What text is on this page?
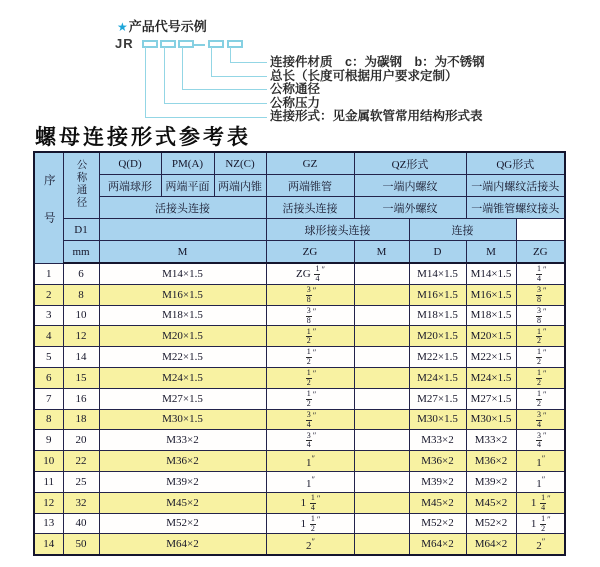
★产品代号示例
JR
连接件材质　c：为碳钢　b：为不锈钢
总长（长度可根据用户要求定制）
公称通径
公称压力
连接形式：见金属软管常用结构形式表
螺母连接形式参考表
序号	公称通径	Q(D)	PM(A)	NZ(C)	GZ	QZ形式		QG形式	
		两端球形	两端平面	两端内锥	两端锥管	一端内螺纹		一端内螺纹活接头	
		活接头连接			活接头连接	一端外螺纹		一端锥管螺纹接头	
	D1				球形接头连接		连接		
	mm	M			ZG	M	D	M	ZG
1	6	M14×1.5			ZG $\frac{1}{4} ''$		M14×1.5	M14×1.5	$\frac{1}{4} ''$
2	8	M16×1.5			$\frac{3}{8} ''$		M16×1.5	M16×1.5	$\frac{3}{8} ''$
3	10	M18×1.5			$\frac{3}{8} ''$		M18×1.5	M18×1.5	$\frac{3}{8} ''$
4	12	M20×1.5			$\frac{1}{2} ''$		M20×1.5	M20×1.5	$\frac{1}{2} ''$
5	14	M22×1.5			$\frac{1}{2} ''$		M22×1.5	M22×1.5	$\frac{1}{2} ''$
6	15	M24×1.5			$\frac{1}{2} ''$		M24×1.5	M24×1.5	$\frac{1}{2} ''$
7	16	M27×1.5			$\frac{1}{2} ''$		M27×1.5	M27×1.5	$\frac{1}{2} ''$
8	18	M30×1.5			$\frac{3}{4} ''$		M30×1.5	M30×1.5	$\frac{3}{4} ''$
9	20	M33×2			$\frac{3}{4} ''$		M33×2	M33×2	$\frac{3}{4} ''$
10	22	M36×2			1″		M36×2	M36×2	1″
11	25	M39×2			1″		M39×2	M39×2	1″
12	32	M45×2			$1 \frac{1}{4} ''$		M45×2	M45×2	$1 \frac{1}{4} ''$
13	40	M52×2			$1 \frac{1}{2} ''$		M52×2	M52×2	$1 \frac{1}{2} ''$
14	50	M64×2			2″		M64×2	M64×2	2″
